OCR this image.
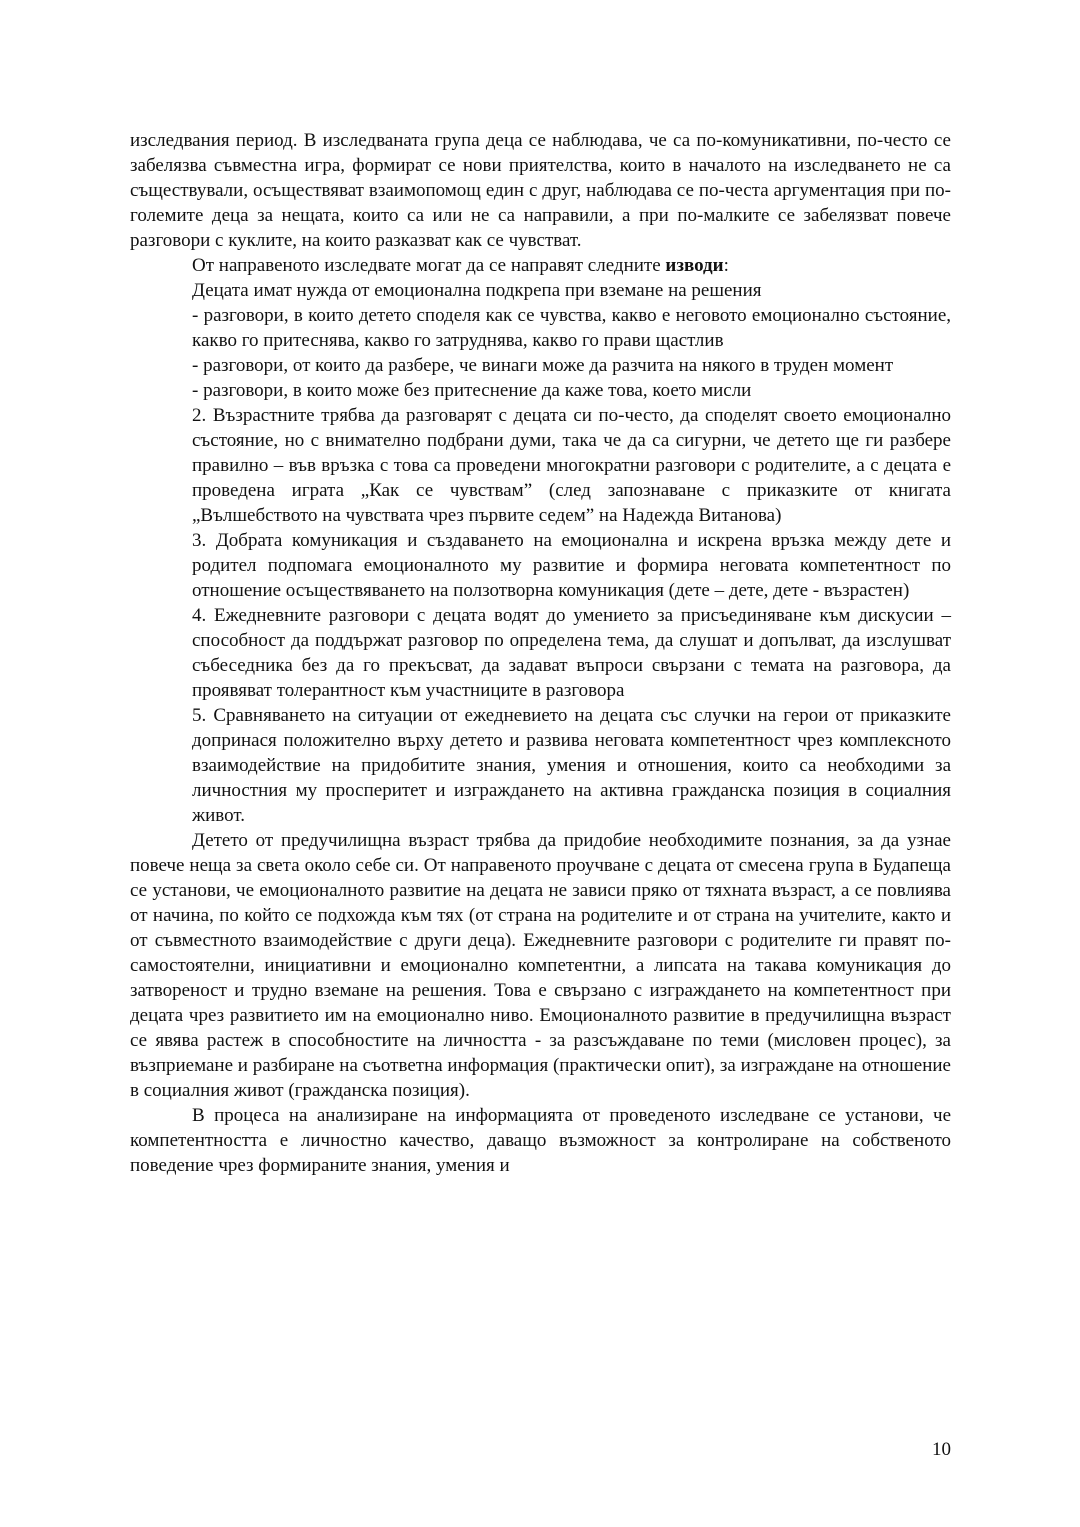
изследвания период. В изследваната група деца се наблюдава, че са по-комуникативни, по-често се забелязва съвместна игра, формират се нови приятелства, които в началото на изследването не са съществували, осъществяват взаимопомощ един с друг, наблюдава се по-честа аргументация при по-големите деца за нещата, които са или не са направили, а при по-малките се забелязват повече разговори с куклите, на които разказват как се чувстват.

От направеното изследвате могат да се направят следните изводи:

Децата имат нужда от емоционална подкрепа при вземане на решения

- разговори, в които детето споделя как се чувства, какво е неговото емоционално състояние, какво го притеснява, какво го затруднява, какво го прави щастлив

- разговори, от които да разбере, че винаги може да разчита на някого в труден момент

- разговори, в които може без притеснение да каже това, което мисли

2. Възрастните трябва да разговарят с децата си по-често, да споделят своето емоционално състояние, но с внимателно подбрани думи, така че да са сигурни, че детето ще ги разбере правилно – във връзка с това са проведени многократни разговори с родителите, а с децата е проведена играта „Как се чувствам” (след запознаване с приказките от книгата „Вълшебството на чувствата чрез първите седем” на Надежда Витанова)

3. Добрата комуникация и създаването на емоционална и искрена връзка между дете и родител подпомага емоционалното му развитие и формира неговата компетентност по отношение осъществяването на ползотворна комуникация (дете – дете, дете - възрастен)

4. Ежедневните разговори с децата водят до умението за присъединяване към дискусии – способност да поддържат разговор по определена тема, да слушат и допълват, да изслушват събеседника без да го прекъсват, да задават въпроси свързани с темата на разговора, да проявяват толерантност към участниците в разговора

5. Сравняването на ситуации от ежедневието на децата със случки на герои от приказките допринася положително върху детето и развива неговата компетентност чрез комплексното взаимодействие на придобитите знания, умения и отношения, които са необходими за личностния му просперитет и изграждането на активна гражданска позиция в социалния живот.

Детето от предучилищна възраст трябва да придобие необходимите познания, за да узнае повече неща за света около себе си. От направеното проучване с децата от смесена група в Будапеща се установи, че емоционалното развитие на децата не зависи пряко от тяхната възраст, а се повлиява от начина, по който се подхожда към тях (от страна на родителите и от страна на учителите, както и от съвместното взаимодействие с други деца). Ежедневните разговори с родителите ги правят по-самостоятелни, инициативни и емоционално компетентни, а липсата на такава комуникация до затвореност и трудно вземане на решения. Това е свързано с изграждането на компетентност при децата чрез развитието им на емоционално ниво. Емоционалното развитие в предучилищна възраст се явява растеж в способностите на личността - за разсъждаване по теми (мисловен процес), за възприемане и разбиране на съответна информация (практически опит), за изграждане на отношение в социалния живот (гражданска позиция).

В процеса на анализиране на информацията от проведеното изследване се установи, че компетентността е личностно качество, даващо възможност за контролиране на собственото поведение чрез формираните знания, умения и

10
